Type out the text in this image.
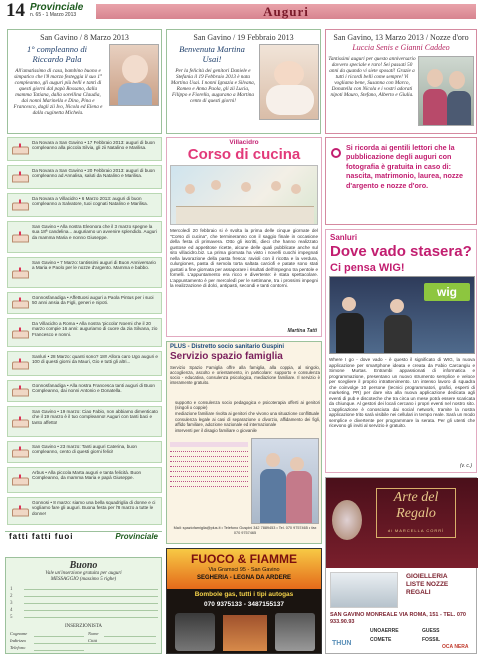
14 Provinciale
n. 65 - 1 Marzo 2013	Auguri
San Gavino / 8 Marzo 2013
1° compleanno di Riccardo Pala
All'amatissimo di casa, bambino buono e simpatico che l'8 marzo festeggia il suo 1° compleanno, gli auguri più belli e tanti di questi giorni dal papà Rossano, dalla mamma Tatiana, dalla sorellina Claudia, dai nonni Marinella e Dino, Pina e Francesco, dagli zii Ivo, Nicola ed Elena e dalla cuginetta Michela.
San Gavino / 19 Febbraio 2013
Benvenuta Martina Usai!
Per la felicità dei genitori Daniele e Stefania il 19 Febbraio 2013 è nata Martina Usai. I nonni Ignazia e Silvana, Romeo e Anna Paola, gli zii Lucia, Filippo e Fiorella, augurano a Martina cento di questi giorni!
San Gavino, 13 Marzo 2013 / Nozze d'oro
Luccia Senis e Gianni Caddeo
Tantissimi auguri per questo anniversario davvero speciale e raro! Sei passati 50 anni da quando vi siete sposati! Grazie a tutti i ricordi belli come sempre! Vi vogliamo bene, Susanna con Marco, Donatella con Nicola e i vostri adorati nipoti Mauro, Stefano, Alberto e Giulia.
Da Novara a San Gavino • 17 Febbraio 2013: auguri di buon compleanno alla piccola Silvia, gli zii Natalino e Marilisa.
Da Novara a San Gavino • 20 Febbraio 2013: auguri di buon compleanno ad Annalisa, saluti da Natalino e Marilisa.
Da Novara a Villacidro • 6 Marzo 2013: auguri di buon compleanno a Salvatore, tuoi cognati Natalino e Marilisa.
San Gavino • Alla nostra Eleonora che il 3 marzo spegne la sua 18ª candelina... auguriamo un avvenire splendido. Auguri da mamma Maria e nonno Giuseppe.
San Gavino • 7 Marzo: tantissimi auguri di Buon Anniversario a Maria e Paolo per le nozze d'argento. Mamma e babbo.
Gonnosfanadiga • Affettuosi auguri a Paola Pintus per i suoi 50 anni ansia da Figli, generi e nipoti.
Da Villacidro a Roma • Alla nostra 'piccola' Noemi che il 20 marzo compie 16 anni: auguriamo di cuore da zia Silvana, zio Francesco e nonni.
Sanluri • 28 Marzo: quanti sono? 18!! Allora caro Ugo auguri e 100 di questi giorni da Mauri, Gio e tutti gli altri...
Gonnosfanadiga • Alla nostra Francesca tanti auguri di Buon Compleanno, dai nonni Antonio e Donatella.
San Gavino • 19 marzo: Ciao Fabio, non abbiamo dimenticato che il 19 marzo è il tuo compleanno! Auguri con tanti baci e tanto affetto!
San Gavino • 23 marzo: Tanti auguri Caterina, buon compleanno, cento di questi giorni felici!
Arbus • Alla piccola Marta auguri e tanta felicità. Buon Compleanno, da mamma Maria e papà Giuseppe.
Gonnosi • 8 marzo: siamo una bella squadriglia di donne e ci vogliamo fare gli auguri. Buona festa per l'8 marzo a tutte le donne!
fatti fatti fuoi	Provinciale
Buono
Vale un'inserzione gratuita per auguri
MESSAGGIO (massimo 5 righe)
1
2
3
4
5
INSERZIONISTA
Cognome
Indirizzo
Telefono
Nome
Città
Villacidro
Corso di cucina
Mercoledì 20 febbraio si è svolta la prima delle cinque giornate del "Corso di cucina", che termineranno con il saggio finale in occasione della festa di primavera. Otto gli iscritti, dieci che hanno realizzato gustose ed appetitose ricette, alcune delle quali pubblicate anche sul sito villacidro.biz. La prima giornata ha visto i novelli cuochi impegnati nella lavorazione della pasta fresca: ravioli con il ricotta e la verdura, culurgiones, pasta di semola torta saltata carciofi e patate sono stati gustati a fine giornata per assaporare i risultati dell'impegno tra pentole e fornelli. L'appuntamento era ricco e divertente: è stata spettacolare. L'appuntamento è per mercoledì per le settimane, tra i prossimi impegni la realizzazione di dolci, antipasti, secondi e tanti contorni.
Martina Tatti
PLUS - Distretto socio sanitario Guspini
Servizio spazio famiglia
Servizio Spazio Famiglia offre alla famiglia, alla coppia, al singolo, accoglienza, ascolto e orientamento, in particolare: supporto e consulenza socio - educativa, consulenza psicologica, mediazione familiare. Il servizio è interamente gratuito.
supporto e consulenza socio pedagogica e psicoterapia offerti ai genitori (singoli o coppie)
mediazione familiare rivolta ai genitori che vivono una situazione conflittuale
consulenza legale ai casi di separazione o divorzio, affidamento dei figli, affido familiare, adozione nazionale ed internazionale
interventi per il disagio familiare o giovanile
Mail: spaziofamiglia@plus.it • Telefono Guspini 342 7889453 • Tel. 070 9757465 • fax 070 9757465
FUOCO & FIAMME
Via Gramsci 95 - San Gavino
SEGHERIA - LEGNA DA ARDERE
Bombole gas, tutti i tipi autogas
070 9375133 - 3487155137
Si ricorda ai gentili lettori che la pubblicazione degli auguri con fotografia è gratuita in caso di: nascita, matrimonio, laurea, nozze d'argento e nozze d'oro.
Sanluri
Dove vado stasera?
Ci pensa WIG!
wig
Where I go - dove vado - è questo il significato di WIG, la nuova applicazione per smartphone ideata e creata da Fabio Carcangiu e Simone Murtas. Entrambi appassionati di informatica e programmazione, presentano un nuovo strumento semplice e veloce per scegliere il proprio intrattenimento. Un intenso lavoro di squadra che coinvolge 10 persone (tecnici programmatori, grafici, esperti di marketing, PR) per dare vita alla nuova applicazione dedicata agli eventi di pub e discoteche che tra circa un mese potrà essere scaricata da chiunque. Al gestori dei locali cercano i propri eventi nel nostro sito. L'applicazione è conosciuta dai social network, tramite la nostra applicazione trito sarà visibile nei cellulari in tempo reale. Sarà un modo semplice e divertente per programmare la serata. Per gli utenti che ricevono gli inviti al servizio è gratuito.
(v. c.)
Arte del Regalo
di MARCELLA CORRÌ
GIOIELLERIA
LISTE NOZZE
REGALI
SAN GAVINO MONREALE VIA ROMA, 151 - TEL. 070 933.90.93
UNOAERRE
COMETE
GUESS
THUN	FOSSIL
OCA NERA
